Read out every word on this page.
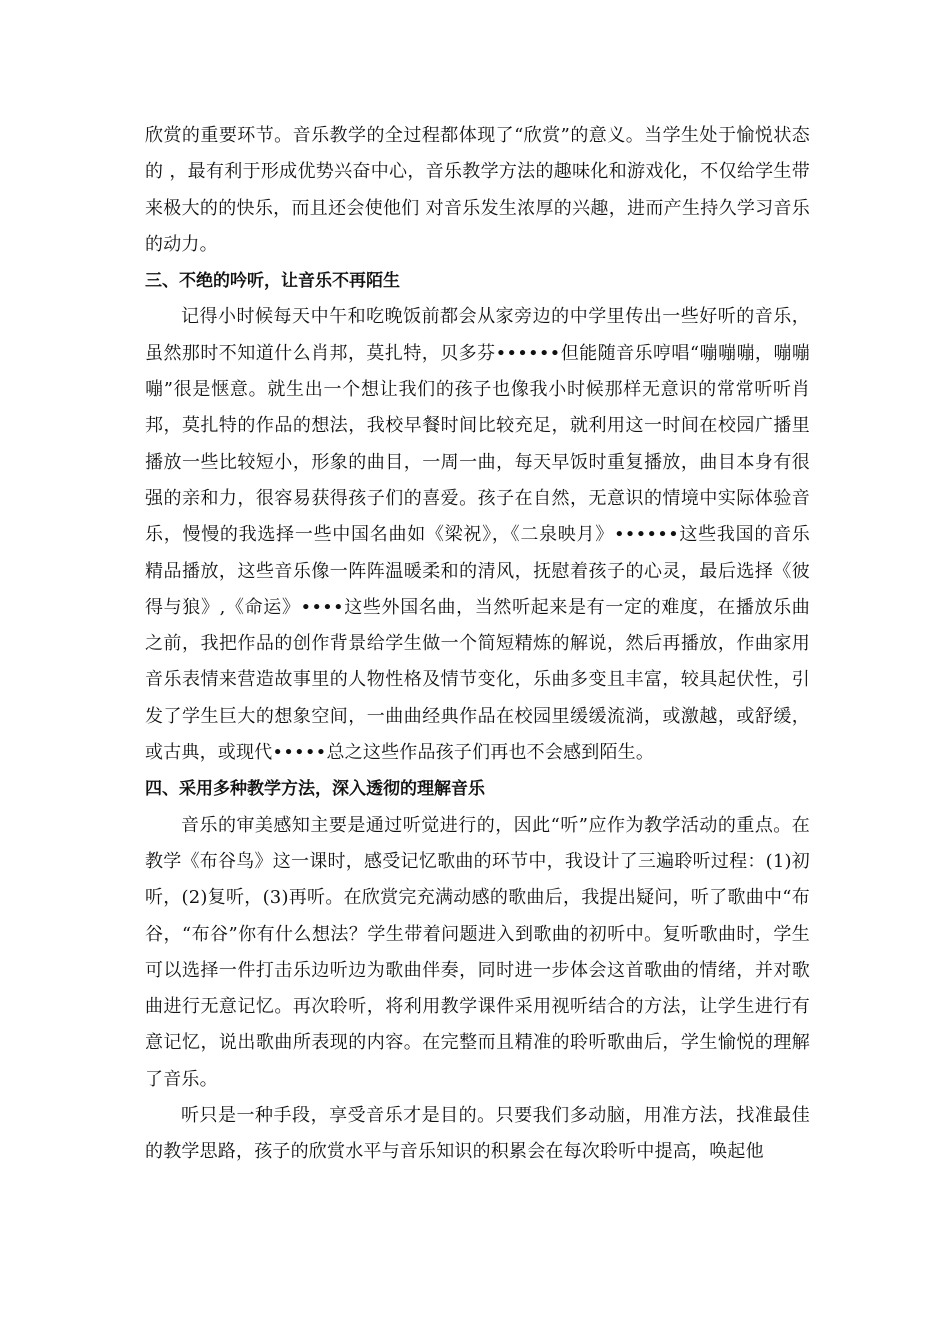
欣赏的重要环节。音乐教学的全过程都体现了“欣赏”的意义。当学生处于愉悦状态的 ，最有利于形成优势兴奋中心，音乐教学方法的趣味化和游戏化，不仅给学生带来极大的的快乐，而且还会使他们 对音乐发生浓厚的兴趣，进而产生持久学习音乐的动力。

三、不绝的吟听，让音乐不再陌生

记得小时候每天中午和吃晚饭前都会从家旁边的中学里传出一些好听的音乐，虽然那时不知道什么肖邦，莫扎特，贝多芬••••••但能随音乐哼唱“嘣嘣嘣，嘣嘣嘣”很是惬意。就生出一个想让我们的孩子也像我小时候那样无意识的常常听听肖邦，莫扎特的作品的想法，我校早餐时间比较充足，就利用这一时间在校园广播里播放一些比较短小，形象的曲目，一周一曲，每天早饭时重复播放，曲目本身有很强的亲和力，很容易获得孩子们的喜爱。孩子在自然，无意识的情境中实际体验音乐，慢慢的我选择一些中国名曲如《梁祝》，《二泉映月》••••••这些我国的音乐精品播放，这些音乐像一阵阵温暖柔和的清风，抚慰着孩子的心灵，最后选择《彼得与狼》,《命运》••••这些外国名曲，当然听起来是有一定的难度，在播放乐曲之前，我把作品的创作背景给学生做一个简短精炼的解说，然后再播放，作曲家用音乐表情来营造故事里的人物性格及情节变化，乐曲多变且丰富，较具起伏性，引发了学生巨大的想象空间，一曲曲经典作品在校园里缓缓流淌，或激越，或舒缓，或古典，或现代•••••总之这些作品孩子们再也不会感到陌生。

四、采用多种教学方法，深入透彻的理解音乐

音乐的审美感知主要是通过听觉进行的，因此“听”应作为教学活动的重点。在教学《布谷鸟》这一课时，感受记忆歌曲的环节中，我设计了三遍聆听过程：(1)初听，(2)复听，(3)再听。在欣赏完充满动感的歌曲后，我提出疑问，听了歌曲中“布谷，“布谷”你有什么想法？学生带着问题进入到歌曲的初听中。复听歌曲时，学生可以选择一件打击乐边听边为歌曲伴奏，同时进一步体会这首歌曲的情绪，并对歌曲进行无意记忆。再次聆听，将利用教学课件采用视听结合的方法，让学生进行有意记忆，说出歌曲所表现的内容。在完整而且精准的聆听歌曲后，学生愉悦的理解了音乐。

听只是一种手段，享受音乐才是目的。只要我们多动脑，用准方法，找准最佳的教学思路，孩子的欣赏水平与音乐知识的积累会在每次聆听中提高，唤起他
